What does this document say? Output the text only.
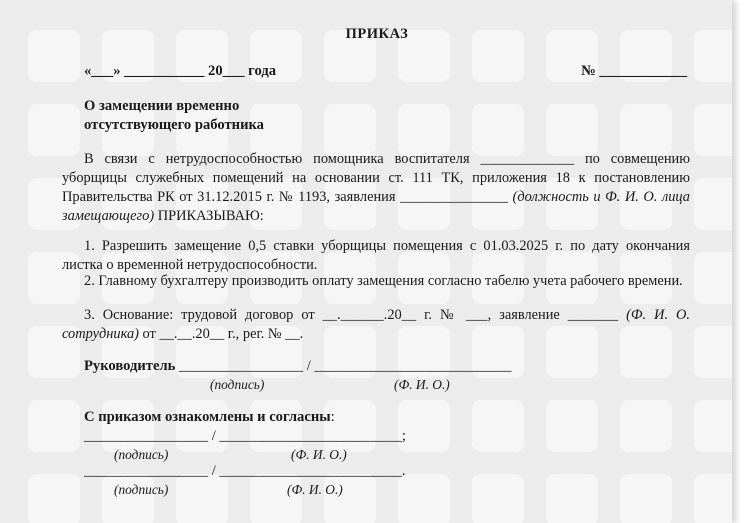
ПРИКАЗ
«___» ___________ 20___ года	№ ____________
О замещении временно
отсутствующего работника
В связи с нетрудоспособностью помощника воспитателя _____________ по совмещению уборщицы служебных помещений на основании ст. 111 ТК, приложения 18 к постановлению Правительства РК от 31.12.2015 г. № 1193, заявления _______________ (должность и Ф. И. О. лица замещающего) ПРИКАЗЫВАЮ:
1. Разрешить замещение 0,5 ставки уборщицы помещения с 01.03.2025 г. по дату окончания листка о временной нетрудоспособности.
2. Главному бухгалтеру производить оплату замещения согласно табелю учета рабочего времени.
3. Основание: трудовой договор от __.______.20__ г. № ___, заявление _______ (Ф. И. О. сотрудника) от __.__.20__ г., рег. № __.
Руководитель _________________ / ___________________________
(подпись)	(Ф. И. О.)
С приказом ознакомлены и согласны:
_________________ / _________________________;
(подпись)	(Ф. И. О.)
_________________ / _________________________.
(подпись)	(Ф. И. О.)
